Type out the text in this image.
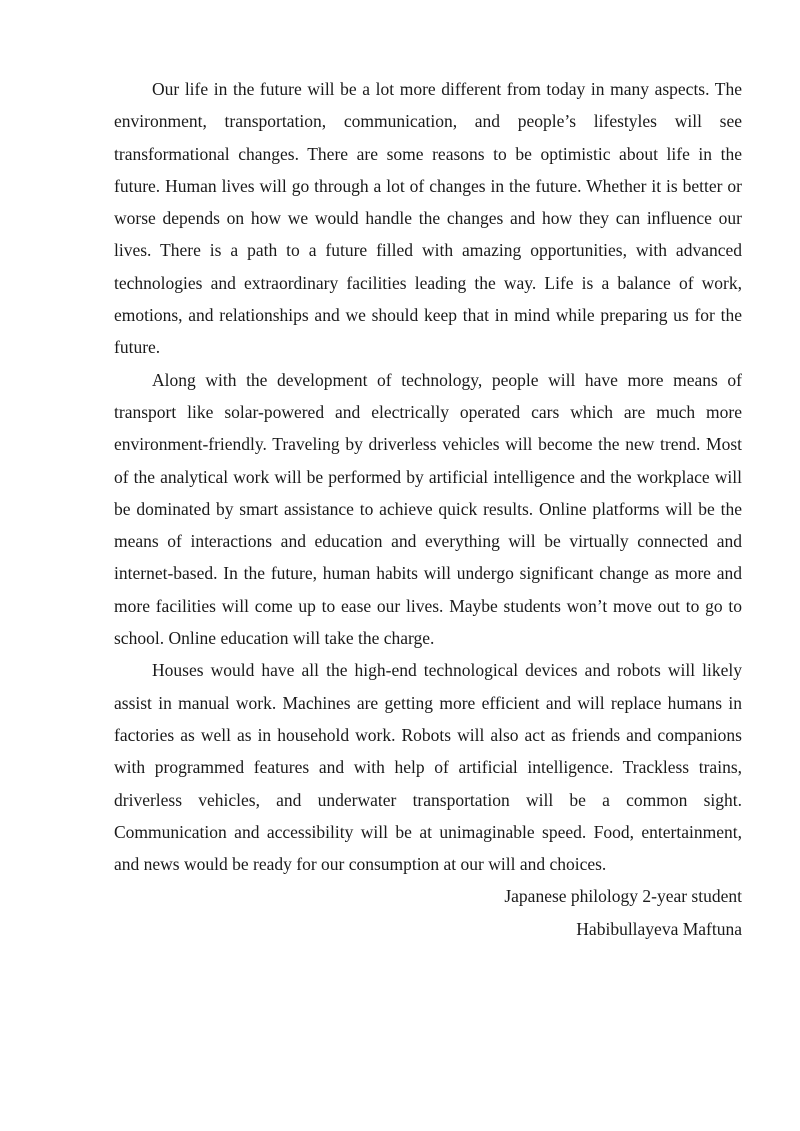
Our life in the future will be a lot more different from today in many aspects. The environment, transportation, communication, and people’s lifestyles will see transformational changes. There are some reasons to be optimistic about life in the future. Human lives will go through a lot of changes in the future. Whether it is better or worse depends on how we would handle the changes and how they can influence our lives. There is a path to a future filled with amazing opportunities, with advanced technologies and extraordinary facilities leading the way. Life is a balance of work, emotions, and relationships and we should keep that in mind while preparing us for the future.

Along with the development of technology, people will have more means of transport like solar-powered and electrically operated cars which are much more environment-friendly. Traveling by driverless vehicles will become the new trend. Most of the analytical work will be performed by artificial intelligence and the workplace will be dominated by smart assistance to achieve quick results. Online platforms will be the means of interactions and education and everything will be virtually connected and internet-based. In the future, human habits will undergo significant change as more and more facilities will come up to ease our lives. Maybe students won’t move out to go to school. Online education will take the charge.

Houses would have all the high-end technological devices and robots will likely assist in manual work. Machines are getting more efficient and will replace humans in factories as well as in household work. Robots will also act as friends and companions with programmed features and with help of artificial intelligence. Trackless trains, driverless vehicles, and underwater transportation will be a common sight. Communication and accessibility will be at unimaginable speed. Food, entertainment, and news would be ready for our consumption at our will and choices.

Japanese philology 2-year student

Habibullayeva Maftuna
